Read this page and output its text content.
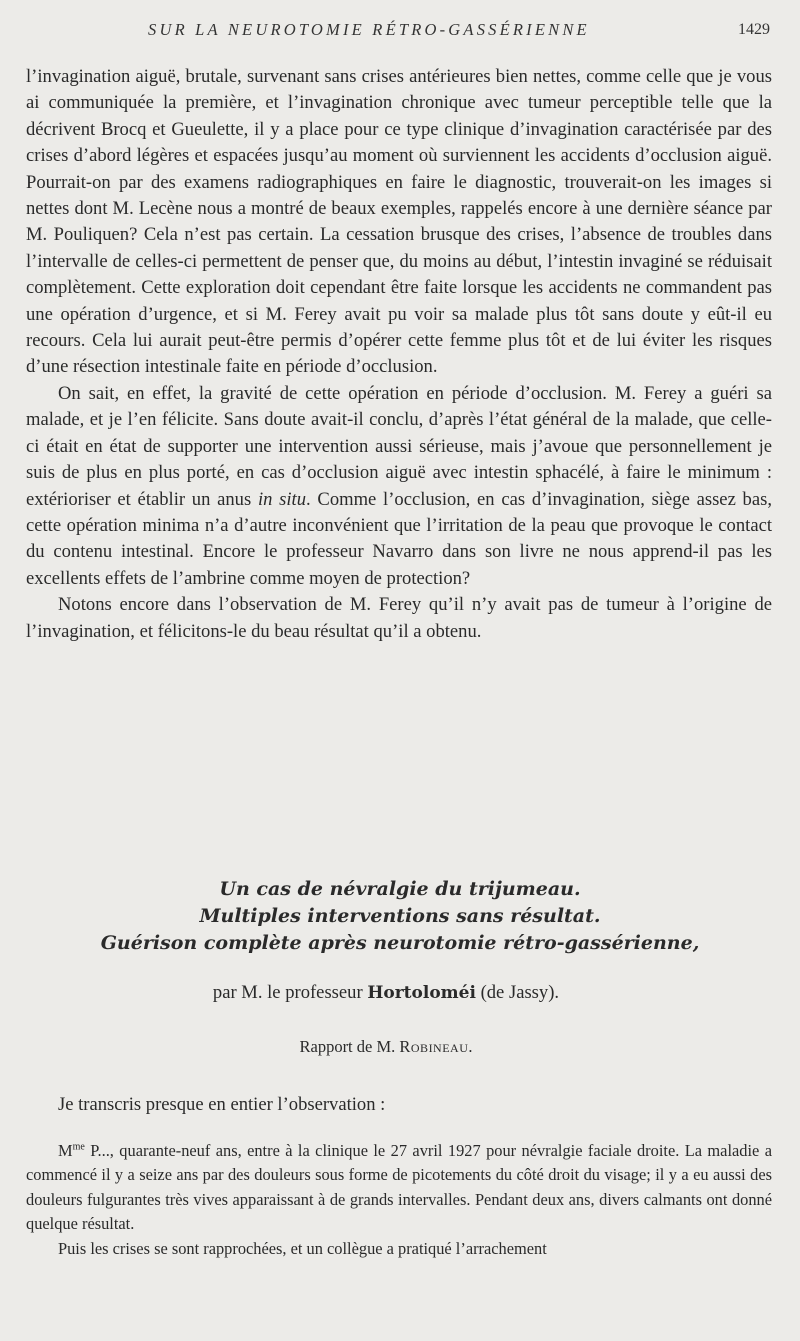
SUR LA NEUROTOMIE RÉTRO-GASSÉRIENNE	1429

l’invagination aiguë, brutale, survenant sans crises antérieures bien nettes, comme celle que je vous ai communiquée la première, et l’invagination chronique avec tumeur perceptible telle que la décrivent Brocq et Gueulette, il y a place pour ce type clinique d’invagination caractérisée par des crises d’abord légères et espacées jusqu’au moment où surviennent les accidents d’occlusion aiguë. Pourrait-on par des examens radiographiques en faire le diagnostic, trouverait-on les images si nettes dont M. Lecène nous a montré de beaux exemples, rappelés encore à une dernière séance par M. Pouliquen? Cela n’est pas certain. La cessation brusque des crises, l’absence de troubles dans l’intervalle de celles-ci permettent de penser que, du moins au début, l’intestin invaginé se réduisait complètement. Cette exploration doit cependant être faite lorsque les accidents ne commandent pas une opération d’urgence, et si M. Ferey avait pu voir sa malade plus tôt sans doute y eût-il eu recours. Cela lui aurait peut-être permis d’opérer cette femme plus tôt et de lui éviter les risques d’une résection intestinale faite en période d’occlusion.

On sait, en effet, la gravité de cette opération en période d’occlusion. M. Ferey a guéri sa malade, et je l’en félicite. Sans doute avait-il conclu, d’après l’état général de la malade, que celle-ci était en état de supporter une intervention aussi sérieuse, mais j’avoue que personnellement je suis de plus en plus porté, en cas d’occlusion aiguë avec intestin sphacélé, à faire le minimum : extérioriser et établir un anus in situ. Comme l’occlusion, en cas d’invagination, siège assez bas, cette opération minima n’a d’autre inconvénient que l’irritation de la peau que provoque le contact du contenu intestinal. Encore le professeur Navarro dans son livre ne nous apprend-il pas les excellents effets de l’ambrine comme moyen de protection?

Notons encore dans l’observation de M. Ferey qu’il n’y avait pas de tumeur à l’origine de l’invagination, et félicitons-le du beau résultat qu’il a obtenu.

Un cas de névralgie du trijumeau.
Multiples interventions sans résultat.
Guérison complète après neurotomie rétro-gassérienne,
par M. le professeur Hortoloméi (de Jassy).
Rapport de M. Robineau.
Je transcris presque en entier l’observation :

$M^{me}$ P..., quarante-neuf ans, entre à la clinique le 27 avril 1927 pour névralgie faciale droite. La maladie a commencé il y a seize ans par des douleurs sous forme de picotements du côté droit du visage; il y a eu aussi des douleurs fulgurantes très vives apparaissant à de grands intervalles. Pendant deux ans, divers calmants ont donné quelque résultat.

Puis les crises se sont rapprochées, et un collègue a pratiqué l’arrachement
